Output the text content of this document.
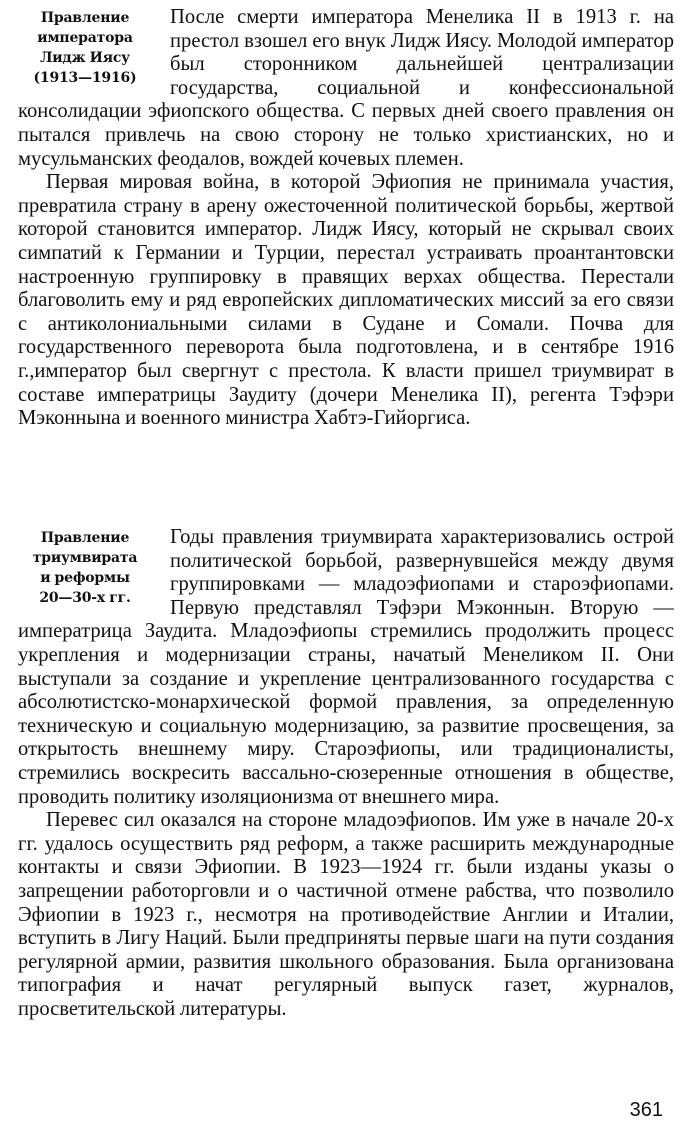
Правление
императора
Лидж Иясу
(1913—1916)
После смерти императора Менелика II в 1913 г. на престол взошел его внук Лидж Иясу. Молодой император был сторонником дальнейшей централизации государства, социальной и конфессиональной консолидации эфиопского общества. С первых дней своего правления он пытался привлечь на свою сторону не только христианских, но и мусульманских феодалов, вождей кочевых племен.

Первая мировая война, в которой Эфиопия не принимала участия, превратила страну в арену ожесточенной политической борьбы, жертвой которой становится император. Лидж Иясу, который не скрывал своих симпатий к Германии и Турции, перестал устраивать проантантовски настроенную группировку в правящих верхах общества. Перестали благоволить ему и ряд европейских дипломатических миссий за его связи с антиколониальными силами в Судане и Сомали. Почва для государственного переворота была подготовлена, и в сентябре 1916 г.,император был свергнут с престола. К власти пришел триумвират в составе императрицы Заудиту (дочери Менелика II), регента Тэфэри Мэконнына и военного министра Хабтэ-Гийоргиса.

Правление
триумвирата
и реформы
20—30-х гг.
Годы правления триумвирата характеризовались острой политической борьбой, развернувшейся между двумя группировками — младоэфиопами и староэфиопами. Первую представлял Тэфэри Мэконнын. Вторую — императрица Заудита. Младоэфиопы стремились продолжить процесс укрепления и модернизации страны, начатый Менеликом II. Они выступали за создание и укрепление централизованного государства с абсолютистско-монархической формой правления, за определенную техническую и социальную модернизацию, за развитие просвещения, за открытость внешнему миру. Староэфиопы, или традиционалисты, стремились воскресить вассально-сюзеренные отношения в обществе, проводить политику изоляционизма от внешнего мира.

Перевес сил оказался на стороне младоэфиопов. Им уже в начале 20-х гг. удалось осуществить ряд реформ, а также расширить международные контакты и связи Эфиопии. В 1923—1924 гг. были изданы указы о запрещении работорговли и о частичной отмене рабства, что позволило Эфиопии в 1923 г., несмотря на противодействие Англии и Италии, вступить в Лигу Наций. Были предприняты первые шаги на пути создания регулярной армии, развития школьного образования. Была организована типография и начат регулярный выпуск газет, журналов, просветительской литературы.

361
